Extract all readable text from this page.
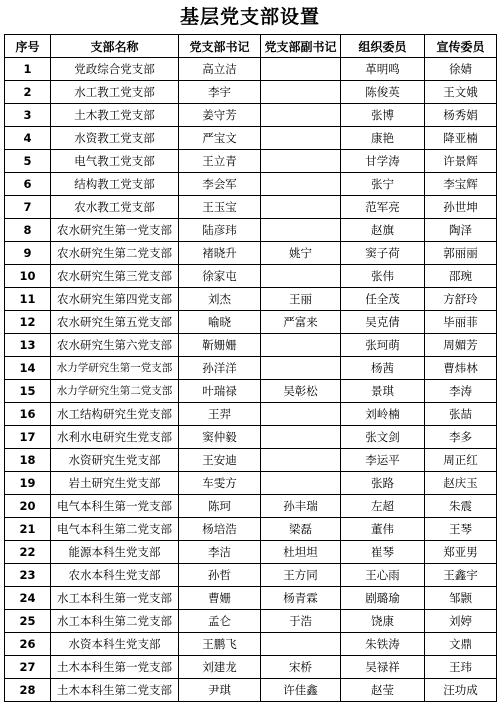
基层党支部设置
序号	支部名称	党支部书记	党支部副书记	组织委员	宣传委员
1	党政综合党支部	高立洁		革明鸣	徐婧
2	水工教工党支部	李宇		陈俊英	王文娥
3	土木教工党支部	姜守芳		张博	杨秀娟
4	水资教工党支部	严宝文		康艳	降亚楠
5	电气教工党支部	王立青		甘学涛	许景辉
6	结构教工党支部	李会军		张宁	李宝辉
7	农水教工党支部	王玉宝		范军亮	孙世坤
8	农水研究生第一党支部	陆彦玮		赵旗	陶泽
9	农水研究生第二党支部	褚晓升	姚宁	窦子荷	郭丽丽
10	农水研究生第三党支部	徐家屯		张伟	邵琬
11	农水研究生第四党支部	刘杰	王丽	任全茂	方舒玲
12	农水研究生第五党支部	喻晓	严富来	吴克倩	毕丽菲
13	农水研究生第六党支部	靳姗姗		张珂萌	周媚芳
14	水力学研究生第一党支部	孙洋洋		杨茜	曹炜林
15	水力学研究生第二党支部	叶瑞禄	吴彰松	景琪	李涛
16	水工结构研究生党支部	王羿		刘岭楠	张喆
17	水利水电研究生党支部	窦仲毅		张文剑	李多
18	水资研究生党支部	王安迪		李运平	周正红
19	岩土研究生党支部	车雯方		张路	赵庆玉
20	电气本科生第一党支部	陈珂	孙丰瑞	左超	朱震
21	电气本科生第二党支部	杨培浩	梁磊	董伟	王琴
22	能源本科生党支部	李洁	杜坦坦	崔琴	郑亚男
23	农水本科生党支部	孙哲	王方同	王心雨	王鑫宇
24	水工本科生第一党支部	曹姗	杨青霖	剧璐瑜	邹颢
25	水工本科生第二党支部	孟仑	于浩	饶康	刘婷
26	水资本科生党支部	王鹏飞		朱铁涛	文鼎
27	土木本科生第一党支部	刘建龙	宋桥	吴禄祥	王玮
28	土木本科生第二党支部	尹琪	许佳鑫	赵莹	汪功成
